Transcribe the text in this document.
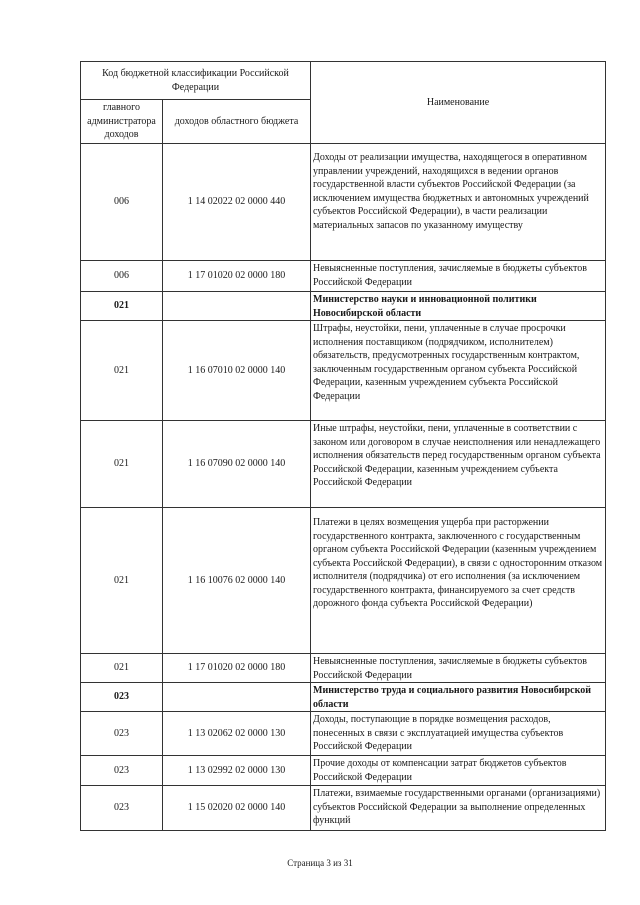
Код бюджетной классификации Российской Федерации		Наименование
главного администратора доходов	доходов областного бюджета	
006	1 14 02022 02 0000 440	Доходы от реализации имущества, находящегося в оперативном управлении учреждений, находящихся в ведении органов государственной власти субъектов Российской Федерации (за исключением имущества бюджетных и автономных учреждений субъектов Российской Федерации), в части реализации материальных запасов по указанному имуществу
006	1 17 01020 02 0000 180	Невыясненные поступления, зачисляемые в бюджеты субъектов Российской Федерации
021		Министерство науки и инновационной политики Новосибирской области
021	1 16 07010 02 0000 140	Штрафы, неустойки, пени, уплаченные в случае просрочки исполнения поставщиком (подрядчиком, исполнителем) обязательств, предусмотренных государственным контрактом, заключенным государственным органом субъекта Российской Федерации, казенным учреждением субъекта Российской Федерации
021	1 16 07090 02 0000 140	Иные штрафы, неустойки, пени, уплаченные в соответствии с законом или договором в случае неисполнения или ненадлежащего исполнения обязательств перед государственным органом субъекта Российской Федерации, казенным учреждением субъекта Российской Федерации
021	1 16 10076 02 0000 140	Платежи в целях возмещения ущерба при расторжении государственного контракта, заключенного с государственным органом субъекта Российской Федерации (казенным учреждением субъекта Российской Федерации), в связи с односторонним отказом исполнителя (подрядчика) от его исполнения (за исключением государственного контракта, финансируемого за счет средств дорожного фонда субъекта Российской Федерации)
021	1 17 01020 02 0000 180	Невыясненные поступления, зачисляемые в бюджеты субъектов Российской Федерации
023		Министерство труда и социального развития Новосибирской области
023	1 13 02062 02 0000 130	Доходы, поступающие в порядке возмещения расходов, понесенных в связи с эксплуатацией имущества субъектов Российской Федерации
023	1 13 02992 02 0000 130	Прочие доходы от компенсации затрат бюджетов субъектов Российской Федерации
023	1 15 02020 02 0000 140	Платежи, взимаемые государственными органами (организациями) субъектов Российской Федерации за выполнение определенных функций
Страница 3 из 31
